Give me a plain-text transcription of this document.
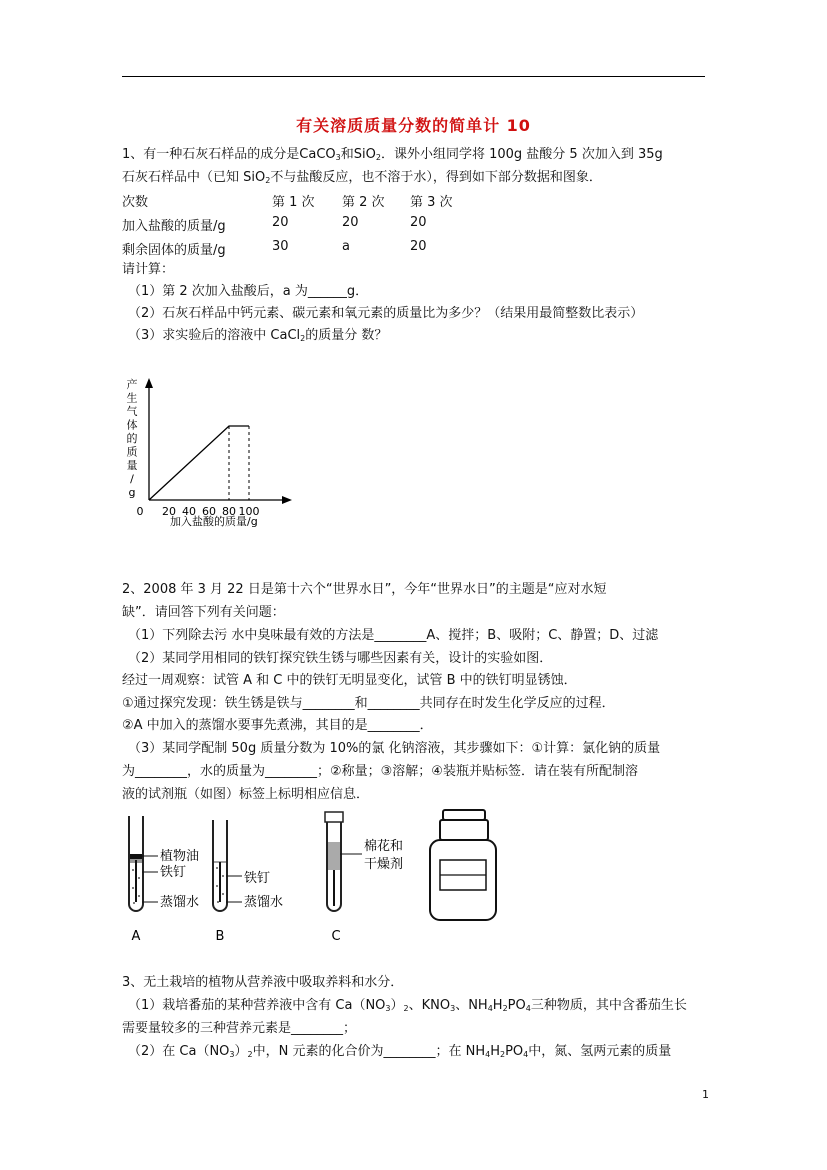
有关溶质质量分数的简单计 10
1、有一种石灰石样品的成分是CaCO$_3$和SiO$_2$．课外小组同学将 100g 盐酸分 5 次加入到 35g
石灰石样品中（已知 SiO$_2$不与盐酸反应，也不溶于水），得到如下部分数据和图象．
次数	第 1 次 第 2 次 第 3 次
加入盐酸的质量/g	20	20	20
剩余固体的质量/g	30	a	20
请计算：
（1）第 2 次加入盐酸后，a 为______g．
（2）石灰石样品中钙元素、碳元素和氧元素的质量比为多少？（结果用最简整数比表示）
（3）求实验后的溶液中 CaCl$_2$的质量分 数？
产生气体的质量/ g
0 20 40 60 80 100
加入盐酸的质量/g
2、2008 年 3 月 22 日是第十六个“世界水日”，今年“世界水日”的主题是“应对水短
缺”．请回答下列有关问题：
（1）下列除去污 水中臭味最有效的方法是________A、搅拌；B、吸附；C、静置；D、过滤
（2）某同学用相同的铁钉探究铁生锈与哪些因素有关，设计的实验如图．
经过一周观察：试管 A 和 C 中的铁钉无明显变化，试管 B 中的铁钉明显锈蚀．
①通过探究发现：铁生锈是铁与________和________共同存在时发生化学反应的过程．
②A 中加入的蒸馏水要事先煮沸，其目的是________．
（3）某同学配制 50g 质量分数为 10%的氯 化钠溶液，其步骤如下：①计算：氯化钠的质量
为________，水的质量为________；②称量；③溶解；④装瓶并贴标签．请在装有所配制溶
液的试剂瓶（如图）标签上标明相应信息．
植物油
铁钉
蒸馏水
A
铁钉
蒸馏水
B
棉花和
干燥剂
C
3、无土栽培的植物从营养液中吸取养料和水分．
（1）栽培番茄的某种营养液中含有 $Ca(NO_3)_2$、$KNO_3$、$NH_4H_2PO_4$三种物质，其中含番茄生长
需要量较多的三种营养元素是________；
（2）在 $Ca(NO_3)_2$中，N 元素的化合价为________；在 $NH_4H_2PO_4$中，氮、氢两元素的质量
1
